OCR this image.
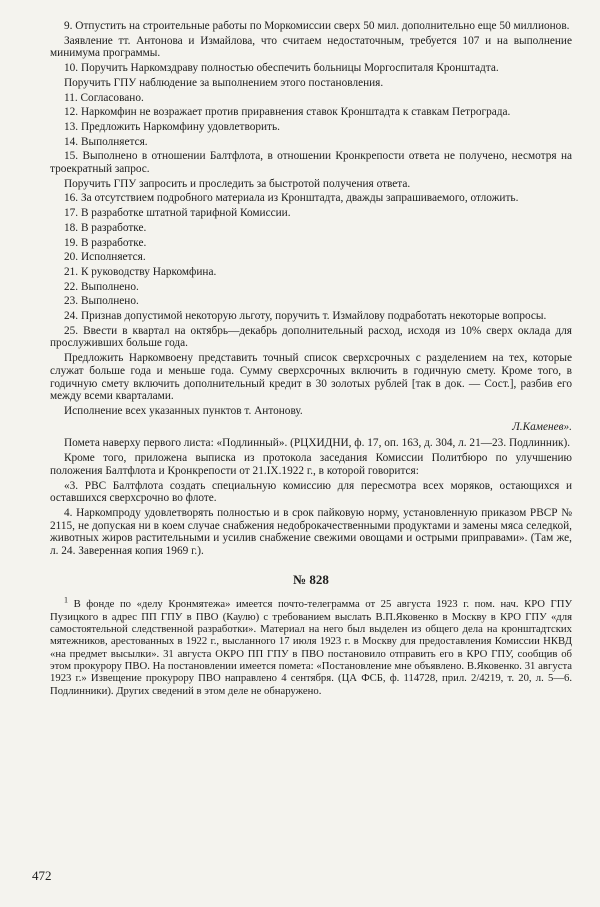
9. Отпустить на строительные работы по Моркомиссии сверх 50 мил. дополнительно еще 50 миллионов.

Заявление тт. Антонова и Измайлова, что считаем недостаточным, требуется 107 и на выполнение минимума программы.

10. Поручить Наркомздраву полностью обеспечить больницы Моргоспиталя Кронштадта.

Поручить ГПУ наблюдение за выполнением этого постановления.

11. Согласовано.

12. Наркомфин не возражает против приравнения ставок Кронштадта к ставкам Петрограда.

13. Предложить Наркомфину удовлетворить.

14. Выполняется.

15. Выполнено в отношении Балтфлота, в отношении Кронкрепости ответа не получено, несмотря на троекратный запрос.

Поручить ГПУ запросить и проследить за быстротой получения ответа.

16. За отсутствием подробного материала из Кронштадта, дважды запрашиваемого, отложить.

17. В разработке штатной тарифной Комиссии.

18. В разработке.

19. В разработке.

20. Исполняется.

21. К руководству Наркомфина.

22. Выполнено.

23. Выполнено.

24. Признав допустимой некоторую льготу, поручить т. Измайлову подработать некоторые вопросы.

25. Ввести в квартал на октябрь—декабрь дополнительный расход, исходя из 10% сверх оклада для прослуживших больше года.

Предложить Наркомвоену представить точный список сверхсрочных с разделением на тех, которые служат больше года и меньше года. Сумму сверхсрочных включить в годичную смету. Кроме того, в годичную смету включить дополнительный кредит в 30 золотых рублей [так в док. — Сост.], разбив его между всеми кварталами.

Исполнение всех указанных пунктов т. Антонову.

Л.Каменев».

Помета наверху первого листа: «Подлинный». (РЦХИДНИ, ф. 17, оп. 163, д. 304, л. 21—23. Подлинник).

Кроме того, приложена выписка из протокола заседания Комиссии Политбюро по улучшению положения Балтфлота и Кронкрепости от 21.IX.1922 г., в которой говорится:

«3. РВС Балтфлота создать специальную комиссию для пересмотра всех моряков, остающихся и оставшихся сверхсрочно во флоте.

4. Наркомпроду удовлетворять полностью и в срок пайковую норму, установленную приказом РВСР № 2115, не допуская ни в коем случае снабжения недоброкачественными продуктами и замены мяса селедкой, животных жиров растительными и усилив снабжение свежими овощами и острыми приправами». (Там же, л. 24. Заверенная копия 1969 г.).

№ 828

$^1$ В фонде по «делу Кронмятежа» имеется почто-телеграмма от 25 августа 1923 г. пом. нач. КРО ГПУ Пузицкого в адрес ПП ГПУ в ПВО (Каулю) с требованием выслать В.П.Яковенко в Москву в КРО ГПУ «для самостоятельной следственной разработки». Материал на него был выделен из общего дела на кронштадтских мятежников, арестованных в 1922 г., высланного 17 июля 1923 г. в Москву для предоставления Комиссии НКВД «на предмет высылки». 31 августа ОКРО ПП ГПУ в ПВО постановило отправить его в КРО ГПУ, сообщив об этом прокурору ПВО. На постановлении имеется помета: «Постановление мне объявлено. В.Яковенко. 31 августа 1923 г.» Извещение прокурору ПВО направлено 4 сентября. (ЦА ФСБ, ф. 114728, прил. 2/4219, т. 20, л. 5—6. Подлинники). Других сведений в этом деле не обнаружено.

472
